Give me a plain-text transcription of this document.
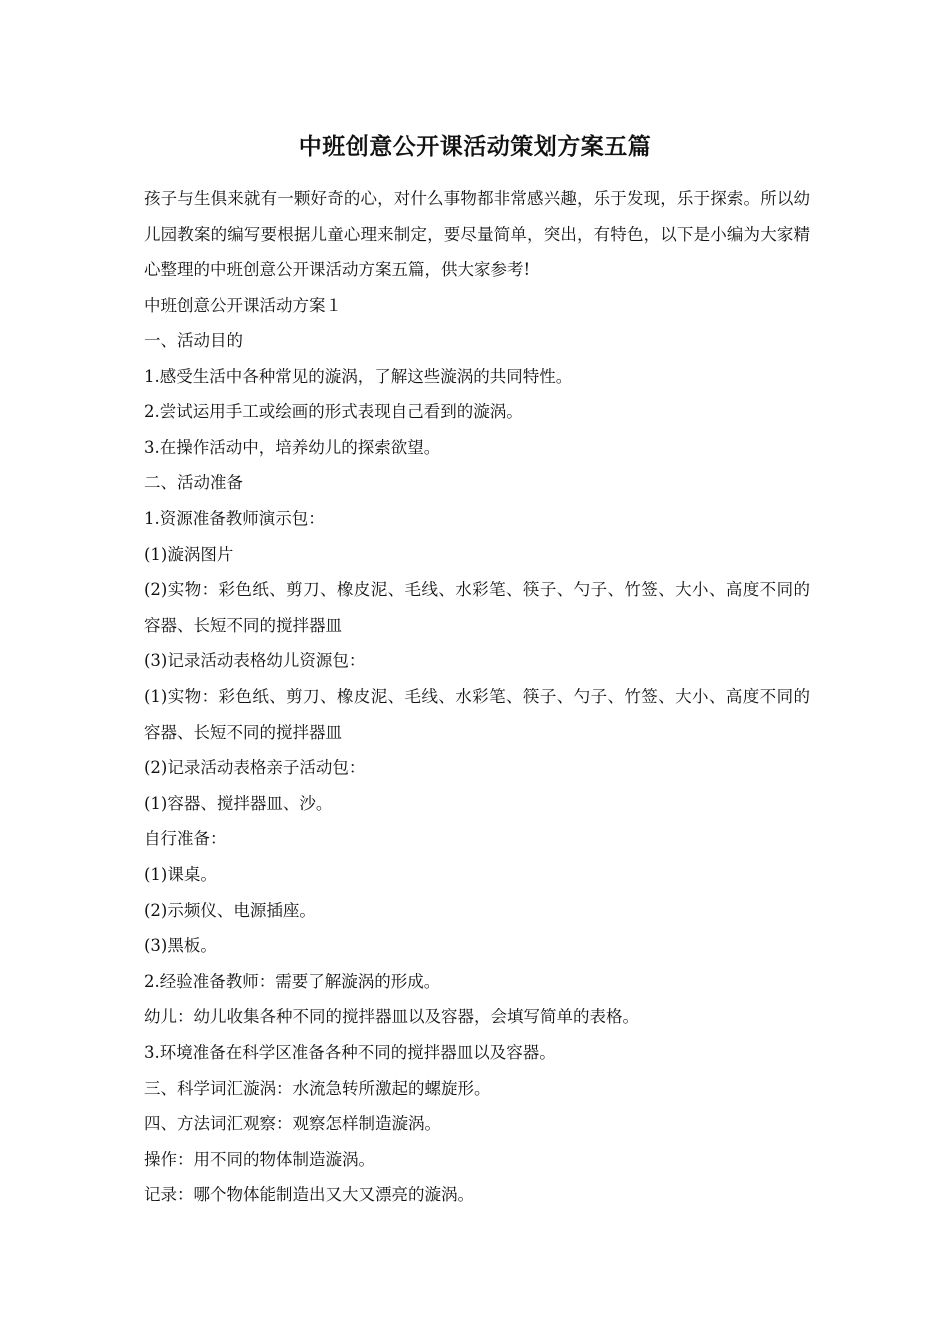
中班创意公开课活动策划方案五篇

孩子与生俱来就有一颗好奇的心，对什么事物都非常感兴趣，乐于发现，乐于探索。所以幼儿园教案的编写要根据儿童心理来制定，要尽量简单，突出，有特色，以下是小编为大家精心整理的中班创意公开课活动方案五篇，供大家参考!

中班创意公开课活动方案１

一、活动目的

1.感受生活中各种常见的漩涡，了解这些漩涡的共同特性。

2.尝试运用手工或绘画的形式表现自己看到的漩涡。

3.在操作活动中，培养幼儿的探索欲望。

二、活动准备

1.资源准备教师演示包：

(1)漩涡图片

(2)实物：彩色纸、剪刀、橡皮泥、毛线、水彩笔、筷子、勺子、竹签、大小、高度不同的容器、长短不同的搅拌器皿

(3)记录活动表格幼儿资源包：

(1)实物：彩色纸、剪刀、橡皮泥、毛线、水彩笔、筷子、勺子、竹签、大小、高度不同的容器、长短不同的搅拌器皿

(2)记录活动表格亲子活动包：

(1)容器、搅拌器皿、沙。

自行准备：

(1)课桌。

(2)示频仪、电源插座。

(3)黑板。

2.经验准备教师：需要了解漩涡的形成。

幼儿：幼儿收集各种不同的搅拌器皿以及容器，会填写简单的表格。

3.环境准备在科学区准备各种不同的搅拌器皿以及容器。

三、科学词汇漩涡：水流急转所激起的螺旋形。

四、方法词汇观察：观察怎样制造漩涡。

操作：用不同的物体制造漩涡。

记录：哪个物体能制造出又大又漂亮的漩涡。
